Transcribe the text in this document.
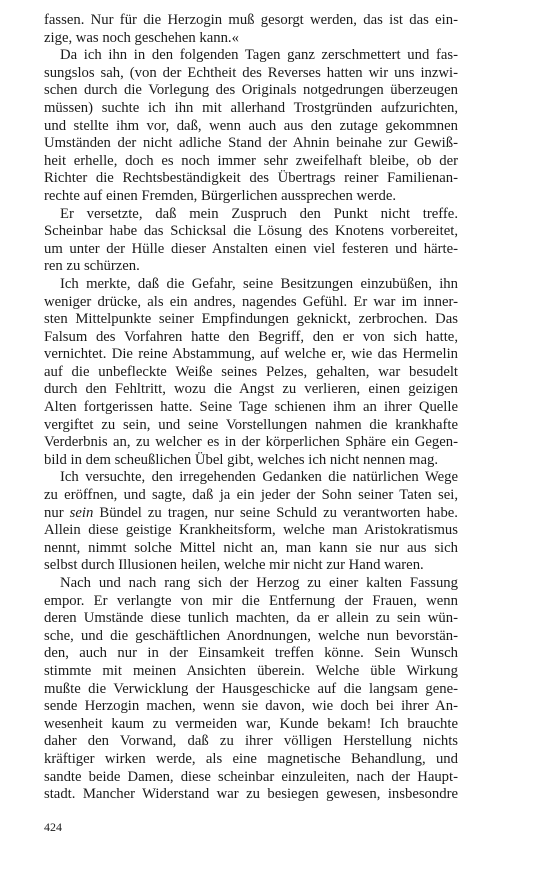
fassen. Nur für die Herzogin muß gesorgt werden, das ist das ein-
zige, was noch geschehen kann.«
Da ich ihn in den folgenden Tagen ganz zerschmettert und fas-
sungslos sah, (von der Echtheit des Reverses hatten wir uns inzwi-
schen durch die Vorlegung des Originals notgedrungen überzeugen
müssen) suchte ich ihn mit allerhand Trostgründen aufzurichten,
und stellte ihm vor, daß, wenn auch aus den zutage gekommnen
Umständen der nicht adliche Stand der Ahnin beinahe zur Gewiß-
heit erhelle, doch es noch immer sehr zweifelhaft bleibe, ob der
Richter die Rechtsbeständigkeit des Übertrags reiner Familienan-
rechte auf einen Fremden, Bürgerlichen aussprechen werde.
Er versetzte, daß mein Zuspruch den Punkt nicht treffe.
Scheinbar habe das Schicksal die Lösung des Knotens vorbereitet,
um unter der Hülle dieser Anstalten einen viel festeren und härte-
ren zu schürzen.
Ich merkte, daß die Gefahr, seine Besitzungen einzubüßen, ihn
weniger drücke, als ein andres, nagendes Gefühl. Er war im inner-
sten Mittelpunkte seiner Empfindungen geknickt, zerbrochen. Das
Falsum des Vorfahren hatte den Begriff, den er von sich hatte,
vernichtet. Die reine Abstammung, auf welche er, wie das Hermelin
auf die unbefleckte Weiße seines Pelzes, gehalten, war besudelt
durch den Fehltritt, wozu die Angst zu verlieren, einen geizigen
Alten fortgerissen hatte. Seine Tage schienen ihm an ihrer Quelle
vergiftet zu sein, und seine Vorstellungen nahmen die krankhafte
Verderbnis an, zu welcher es in der körperlichen Sphäre ein Gegen-
bild in dem scheußlichen Übel gibt, welches ich nicht nennen mag.
Ich versuchte, den irregehenden Gedanken die natürlichen Wege
zu eröffnen, und sagte, daß ja ein jeder der Sohn seiner Taten sei,
nur sein Bündel zu tragen, nur seine Schuld zu verantworten habe.
Allein diese geistige Krankheitsform, welche man Aristokratismus
nennt, nimmt solche Mittel nicht an, man kann sie nur aus sich
selbst durch Illusionen heilen, welche mir nicht zur Hand waren.
Nach und nach rang sich der Herzog zu einer kalten Fassung
empor. Er verlangte von mir die Entfernung der Frauen, wenn
deren Umstände diese tunlich machten, da er allein zu sein wün-
sche, und die geschäftlichen Anordnungen, welche nun bevorstän-
den, auch nur in der Einsamkeit treffen könne. Sein Wunsch
stimmte mit meinen Ansichten überein. Welche üble Wirkung
mußte die Verwicklung der Hausgeschicke auf die langsam gene-
sende Herzogin machen, wenn sie davon, wie doch bei ihrer An-
wesenheit kaum zu vermeiden war, Kunde bekam! Ich brauchte
daher den Vorwand, daß zu ihrer völligen Herstellung nichts
kräftiger wirken werde, als eine magnetische Behandlung, und
sandte beide Damen, diese scheinbar einzuleiten, nach der Haupt-
stadt. Mancher Widerstand war zu besiegen gewesen, insbesondre
424
